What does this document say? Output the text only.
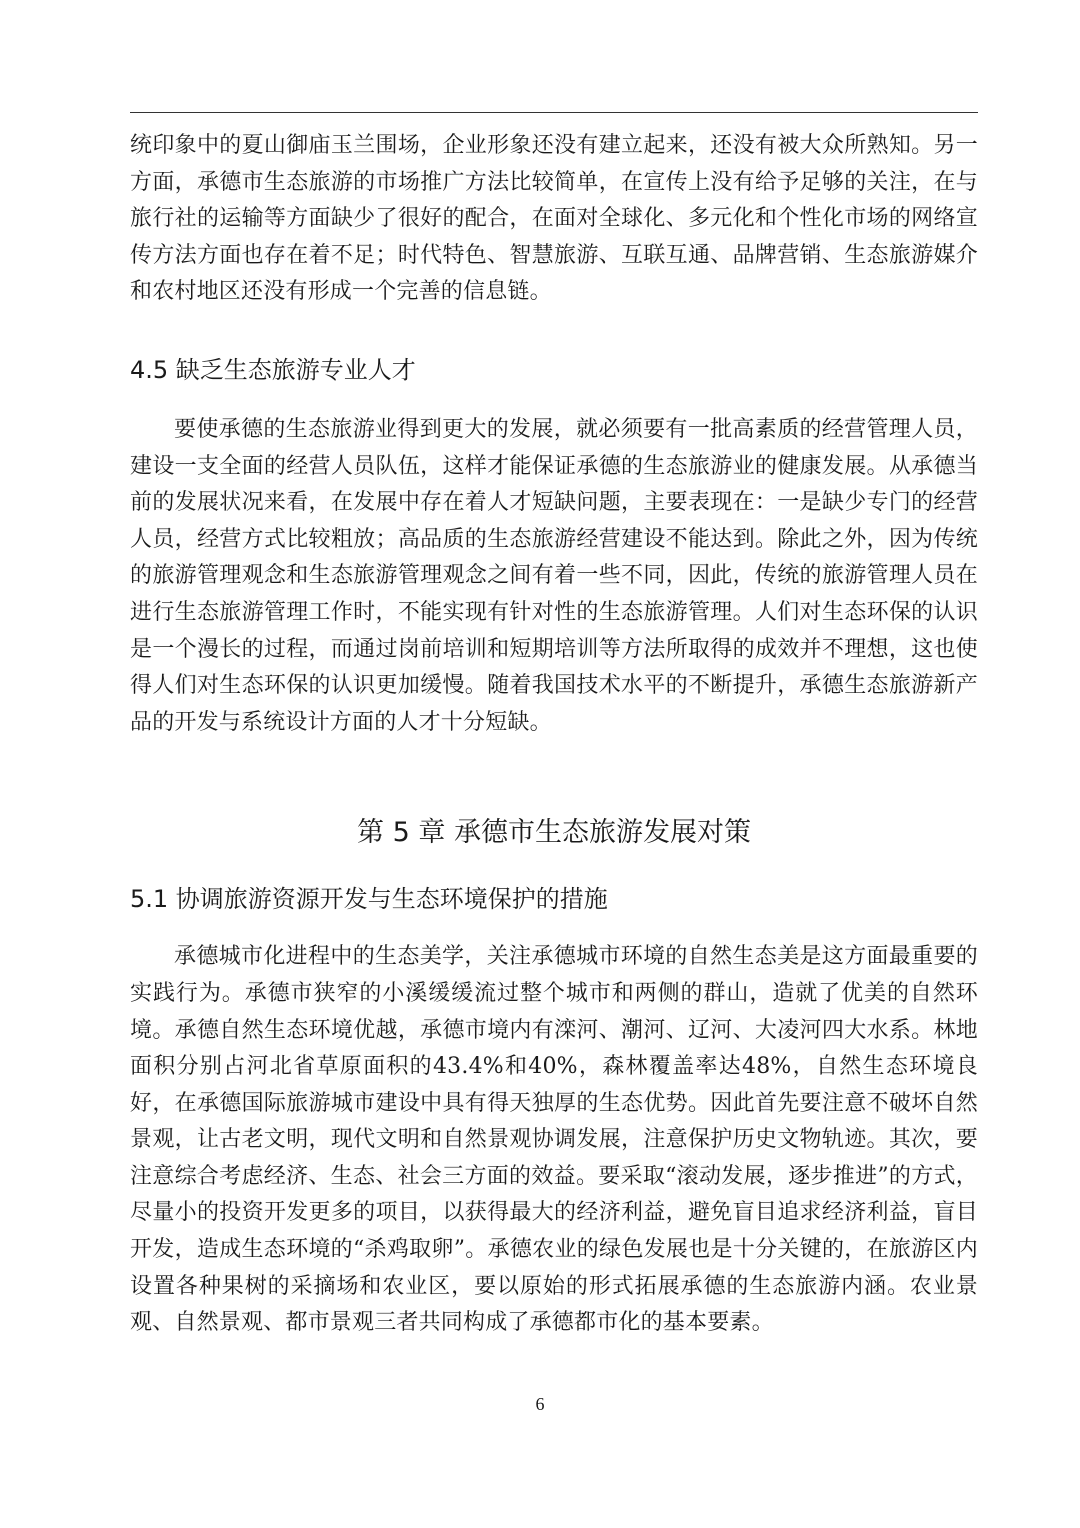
统印象中的夏山御庙玉兰围场，企业形象还没有建立起来，还没有被大众所熟知。另一方面，承德市生态旅游的市场推广方法比较简单，在宣传上没有给予足够的关注，在与旅行社的运输等方面缺少了很好的配合，在面对全球化、多元化和个性化市场的网络宣传方法方面也存在着不足；时代特色、智慧旅游、互联互通、品牌营销、生态旅游媒介和农村地区还没有形成一个完善的信息链。

4.5 缺乏生态旅游专业人才

要使承德的生态旅游业得到更大的发展，就必须要有一批高素质的经营管理人员，建设一支全面的经营人员队伍，这样才能保证承德的生态旅游业的健康发展。从承德当前的发展状况来看，在发展中存在着人才短缺问题，主要表现在：一是缺少专门的经营人员，经营方式比较粗放；高品质的生态旅游经营建设不能达到。除此之外，因为传统的旅游管理观念和生态旅游管理观念之间有着一些不同，因此，传统的旅游管理人员在进行生态旅游管理工作时，不能实现有针对性的生态旅游管理。人们对生态环保的认识是一个漫长的过程，而通过岗前培训和短期培训等方法所取得的成效并不理想，这也使得人们对生态环保的认识更加缓慢。随着我国技术水平的不断提升，承德生态旅游新产品的开发与系统设计方面的人才十分短缺。

第 5 章 承德市生态旅游发展对策
5.1 协调旅游资源开发与生态环境保护的措施

承德城市化进程中的生态美学，关注承德城市环境的自然生态美是这方面最重要的实践行为。承德市狭窄的小溪缓缓流过整个城市和两侧的群山，造就了优美的自然环境。承德自然生态环境优越，承德市境内有滦河、潮河、辽河、大凌河四大水系。林地面积分别占河北省草原面积的43.4%和40%，森林覆盖率达48%，自然生态环境良好，在承德国际旅游城市建设中具有得天独厚的生态优势。因此首先要注意不破坏自然景观，让古老文明，现代文明和自然景观协调发展，注意保护历史文物轨迹。其次，要注意综合考虑经济、生态、社会三方面的效益。要采取“滚动发展，逐步推进”的方式，尽量小的投资开发更多的项目，以获得最大的经济利益，避免盲目追求经济利益，盲目开发，造成生态环境的“杀鸡取卵”。承德农业的绿色发展也是十分关键的，在旅游区内设置各种果树的采摘场和农业区，要以原始的形式拓展承德的生态旅游内涵。农业景观、自然景观、都市景观三者共同构成了承德都市化的基本要素。

6
